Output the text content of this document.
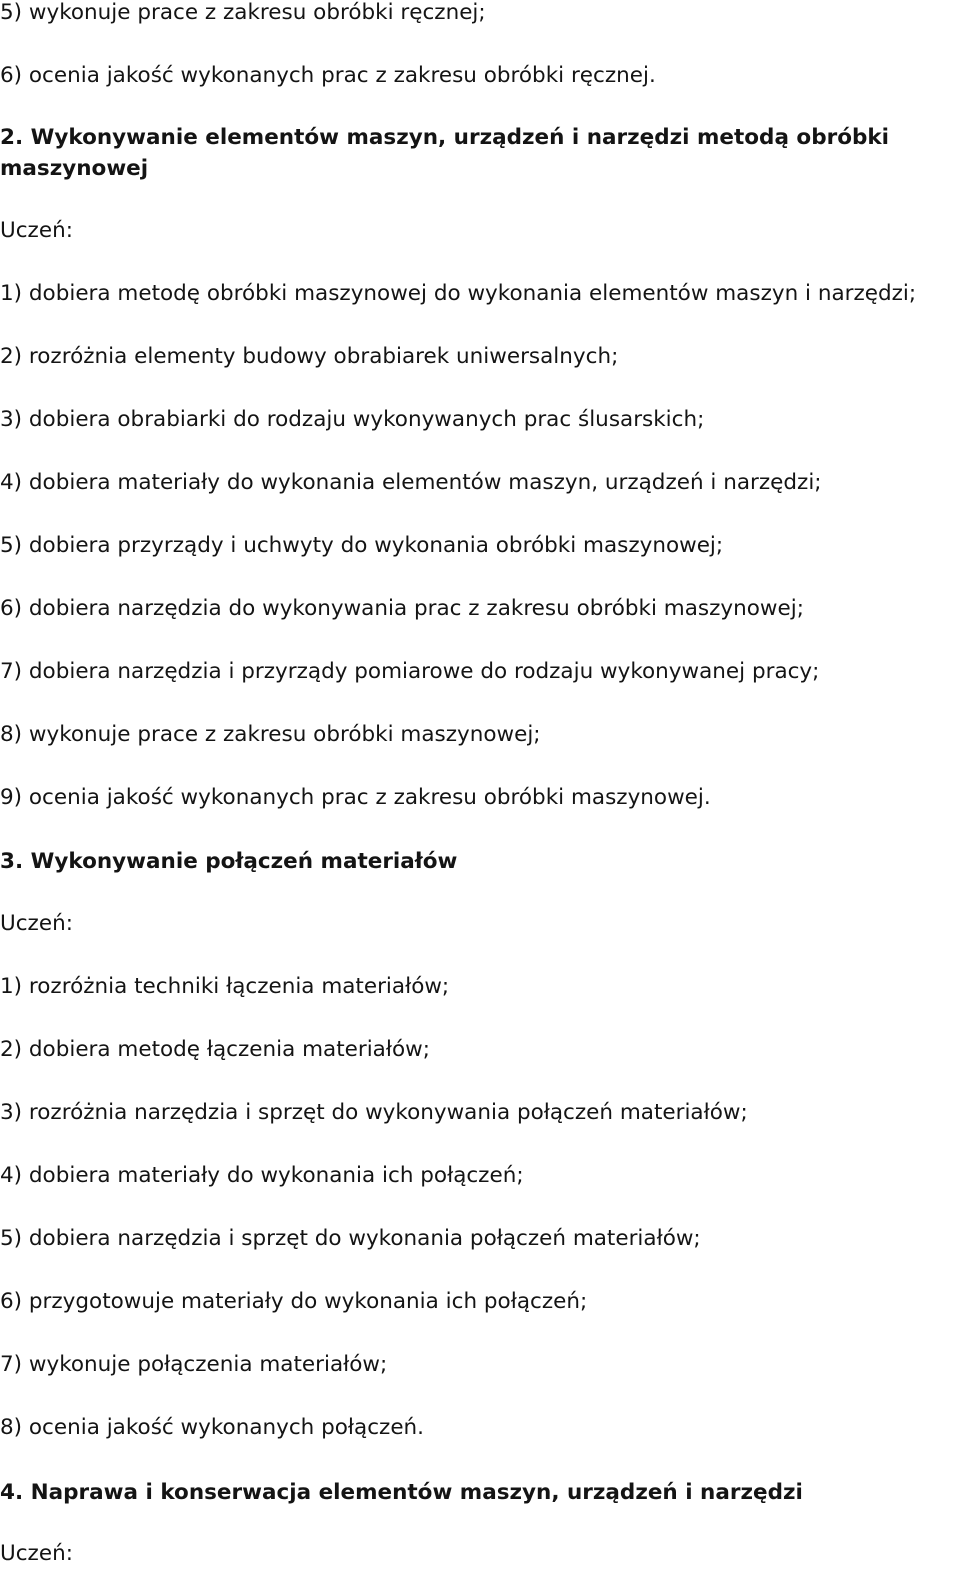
5) wykonuje prace z zakresu obróbki ręcznej;

6) ocenia jakość wykonanych prac z zakresu obróbki ręcznej.

2. Wykonywanie elementów maszyn, urządzeń i narzędzi metodą obróbki

maszynowej

Uczeń:

1) dobiera metodę obróbki maszynowej do wykonania elementów maszyn i narzędzi;

2) rozróżnia elementy budowy obrabiarek uniwersalnych;

3) dobiera obrabiarki do rodzaju wykonywanych prac ślusarskich;

4) dobiera materiały do wykonania elementów maszyn, urządzeń i narzędzi;

5) dobiera przyrządy i uchwyty do wykonania obróbki maszynowej;

6) dobiera narzędzia do wykonywania prac z zakresu obróbki maszynowej;

7) dobiera narzędzia i przyrządy pomiarowe do rodzaju wykonywanej pracy;

8) wykonuje prace z zakresu obróbki maszynowej;

9) ocenia jakość wykonanych prac z zakresu obróbki maszynowej.

3. Wykonywanie połączeń materiałów

Uczeń:

1) rozróżnia techniki łączenia materiałów;

2) dobiera metodę łączenia materiałów;

3) rozróżnia narzędzia i sprzęt do wykonywania połączeń materiałów;

4) dobiera materiały do wykonania ich połączeń;

5) dobiera narzędzia i sprzęt do wykonania połączeń materiałów;

6) przygotowuje materiały do wykonania ich połączeń;

7) wykonuje połączenia materiałów;

8) ocenia jakość wykonanych połączeń.

4. Naprawa i konserwacja elementów maszyn, urządzeń i narzędzi

Uczeń:
